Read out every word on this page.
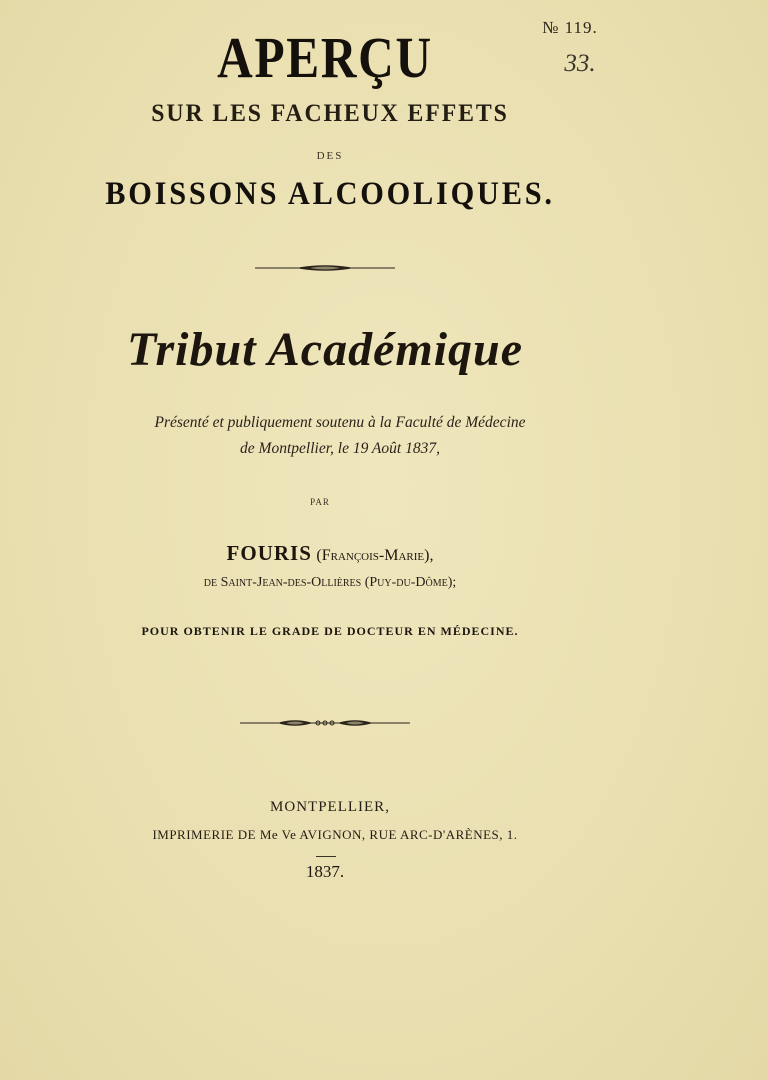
№ 119.
33.
APERÇU
SUR LES FACHEUX EFFETS
DES
BOISSONS ALCOOLIQUES.
Tribut Académique
Présenté et publiquement soutenu à la Faculté de Médecine
de Montpellier, le 19 Août 1837,
PAR
FOURIS (François-Marie),
de Saint-Jean-des-Ollières (Puy-du-Dôme);
POUR OBTENIR LE GRADE DE DOCTEUR EN MÉDECINE.
MONTPELLIER,
IMPRIMERIE DE Me Ve AVIGNON, RUE ARC-D'ARÈNES, 1.
1837.
